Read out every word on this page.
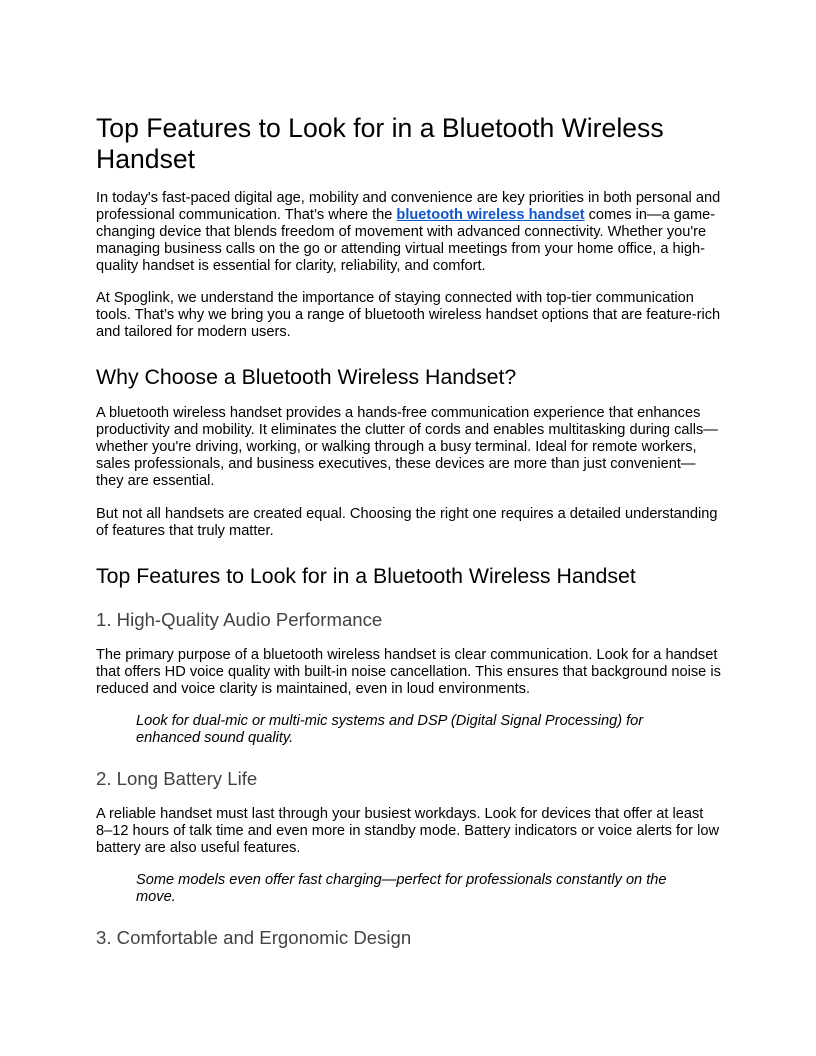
Top Features to Look for in a Bluetooth Wireless Handset

In today's fast-paced digital age, mobility and convenience are key priorities in both personal and professional communication. That’s where the bluetooth wireless handset comes in—a game-changing device that blends freedom of movement with advanced connectivity. Whether you're managing business calls on the go or attending virtual meetings from your home office, a high-quality handset is essential for clarity, reliability, and comfort.

At Spoglink, we understand the importance of staying connected with top-tier communication tools. That’s why we bring you a range of bluetooth wireless handset options that are feature-rich and tailored for modern users.

Why Choose a Bluetooth Wireless Handset?

A bluetooth wireless handset provides a hands-free communication experience that enhances productivity and mobility. It eliminates the clutter of cords and enables multitasking during calls—whether you're driving, working, or walking through a busy terminal. Ideal for remote workers, sales professionals, and business executives, these devices are more than just convenient—they are essential.

But not all handsets are created equal. Choosing the right one requires a detailed understanding of features that truly matter.

Top Features to Look for in a Bluetooth Wireless Handset
1. High-Quality Audio Performance

The primary purpose of a bluetooth wireless handset is clear communication. Look for a handset that offers HD voice quality with built-in noise cancellation. This ensures that background noise is reduced and voice clarity is maintained, even in loud environments.

Look for dual-mic or multi-mic systems and DSP (Digital Signal Processing) for enhanced sound quality.

2. Long Battery Life

A reliable handset must last through your busiest workdays. Look for devices that offer at least 8–12 hours of talk time and even more in standby mode. Battery indicators or voice alerts for low battery are also useful features.

Some models even offer fast charging—perfect for professionals constantly on the move.

3. Comfortable and Ergonomic Design
